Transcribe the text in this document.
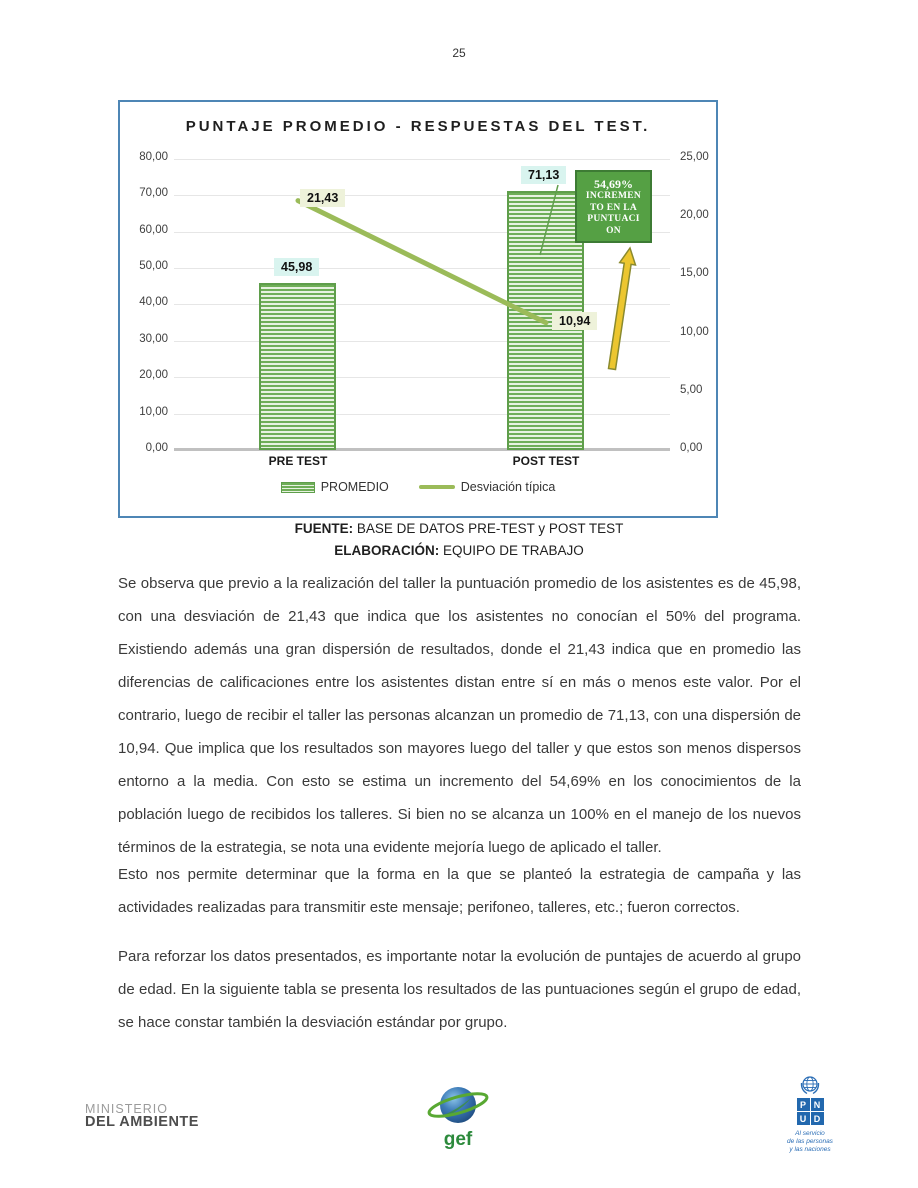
25
PUNTAJE PROMEDIO - RESPUESTAS DEL TEST.
80,00
70,00
60,00
50,00
40,00
30,00
20,00
10,00
0,00
25,00
20,00
15,00
10,00
5,00
0,00
45,98
71,13
21,43
10,94
54,69%
INCREMEN
TO EN LA
PUNTUACI
ON
PRE TEST	POST TEST
PROMEDIO	Desviación típica
FUENTE: BASE DE DATOS PRE-TEST y POST TEST
ELABORACIÓN: EQUIPO DE TRABAJO

Se observa que previo a la realización del taller la puntuación promedio de los asistentes es de 45,98, con una desviación de 21,43 que indica que los asistentes no conocían el 50% del programa. Existiendo además una gran dispersión de resultados, donde el 21,43 indica que en promedio las diferencias de calificaciones entre los asistentes distan entre sí en más o menos este valor. Por el contrario, luego de recibir el taller las personas alcanzan un promedio de 71,13, con una dispersión de 10,94. Que implica que los resultados son mayores luego del taller y que estos son menos dispersos entorno a la media. Con esto se estima un incremento del 54,69% en los conocimientos de la población luego de recibidos los talleres. Si bien no se alcanza un 100% en el manejo de los nuevos términos de la estrategia, se nota una evidente mejoría luego de aplicado el taller.

Esto nos permite determinar que la forma en la que se planteó la estrategia de campaña y las actividades realizadas para transmitir este mensaje; perifoneo, talleres, etc.; fueron correctos.

Para reforzar los datos presentados, es importante notar la evolución de puntajes de acuerdo al grupo de edad. En la siguiente tabla se presenta los resultados de las puntuaciones según el grupo de edad, se hace constar también la desviación estándar por grupo.

MINISTERIO
DEL AMBIENTE
gef
P N
U D
Al servicio
de las personas
y las naciones
